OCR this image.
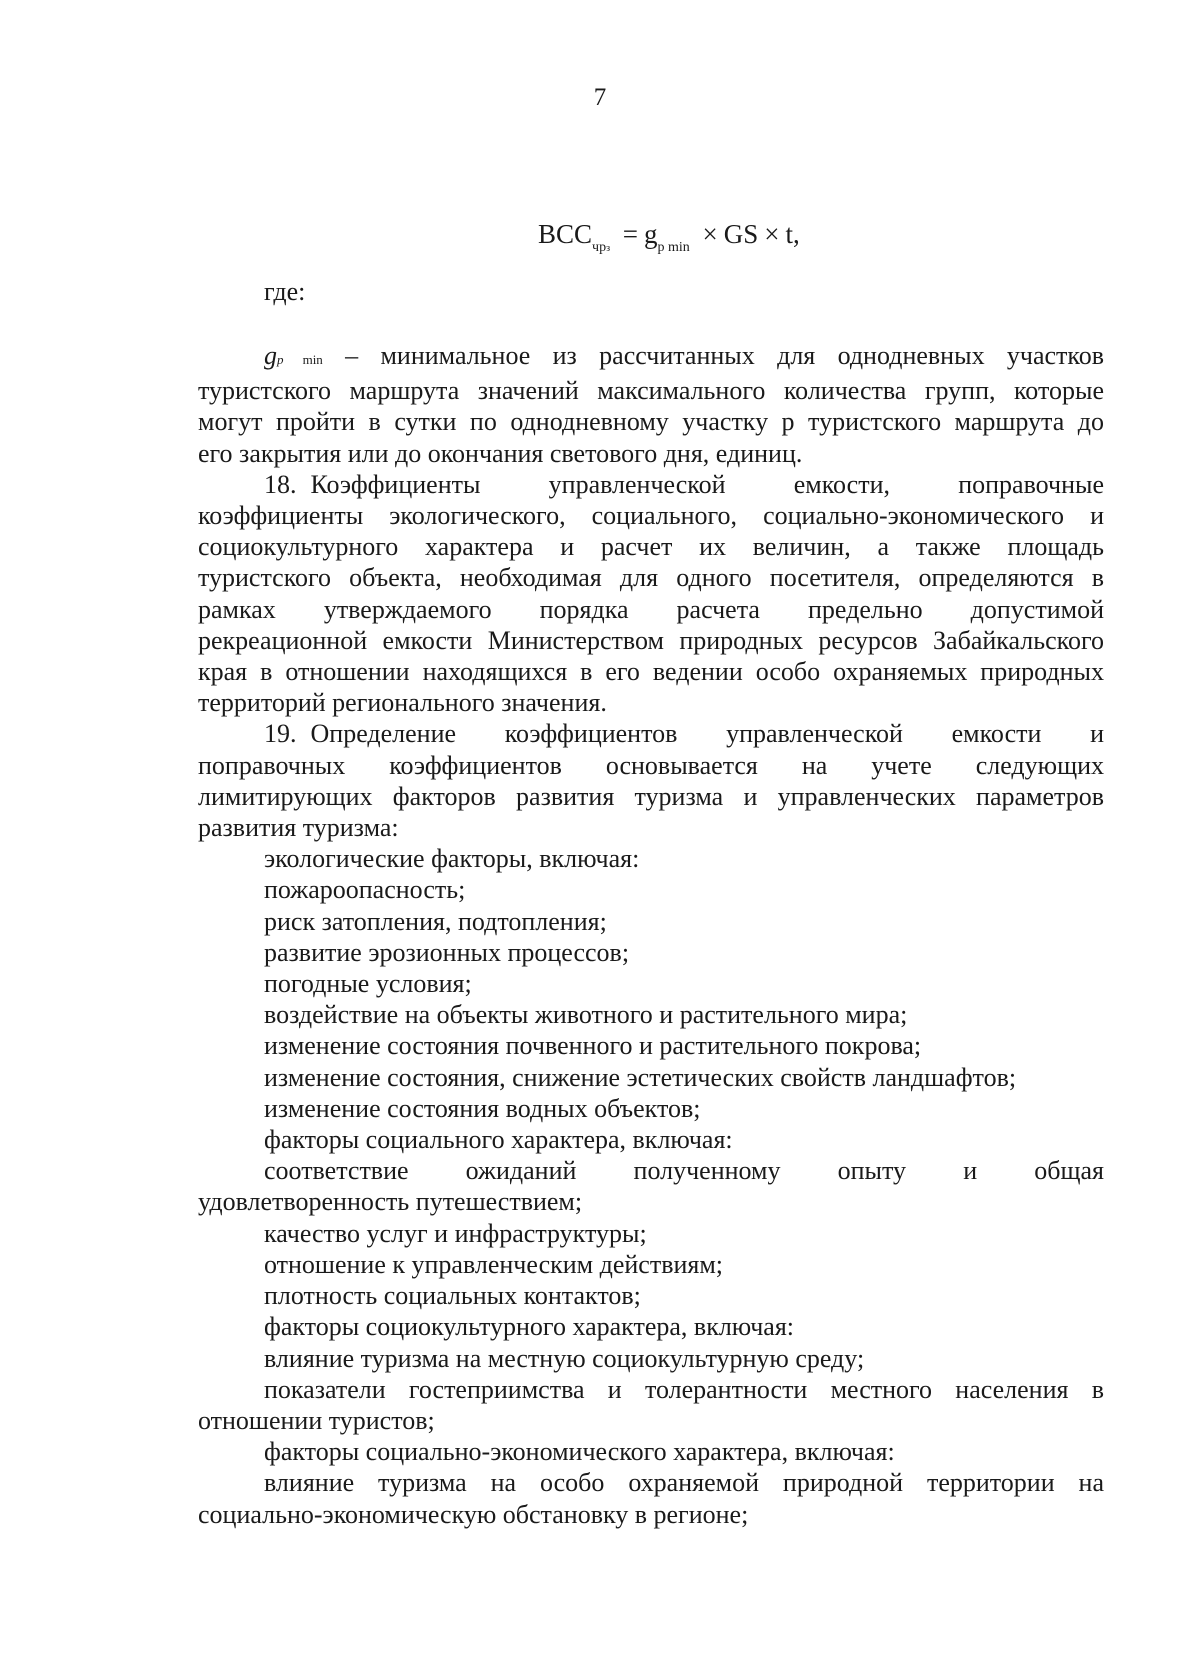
7
$BCC_{чрз} = g_{p min}$ × GS × t,
где:

gp min – минимальное из рассчитанных для однодневных участков

туристского маршрута значений максимального количества групп, которые

могут пройти в сутки по однодневному участку р туристского маршрута до

его закрытия или до окончания светового дня, единиц.

18. Коэффициенты управленческой емкости, поправочные

коэффициенты экологического, социального, социально-экономического и

социокультурного характера и расчет их величин, а также площадь

туристского объекта, необходимая для одного посетителя, определяются в

рамках утверждаемого порядка расчета предельно допустимой

рекреационной емкости Министерством природных ресурсов Забайкальского

края в отношении находящихся в его ведении особо охраняемых природных

территорий регионального значения.

19. Определение коэффициентов управленческой емкости и

поправочных коэффициентов основывается на учете следующих

лимитирующих факторов развития туризма и управленческих параметров

развития туризма:

экологические факторы, включая:

пожароопасность;

риск затопления, подтопления;

развитие эрозионных процессов;

погодные условия;

воздействие на объекты животного и растительного мира;

изменение состояния почвенного и растительного покрова;

изменение состояния, снижение эстетических свойств ландшафтов;

изменение состояния водных объектов;

факторы социального характера, включая:

соответствие ожиданий полученному опыту и общая

удовлетворенность путешествием;

качество услуг и инфраструктуры;

отношение к управленческим действиям;

плотность социальных контактов;

факторы социокультурного характера, включая:

влияние туризма на местную социокультурную среду;

показатели гостеприимства и толерантности местного населения в

отношении туристов;

факторы социально-экономического характера, включая:

влияние туризма на особо охраняемой природной территории на

социально-экономическую обстановку в регионе;
